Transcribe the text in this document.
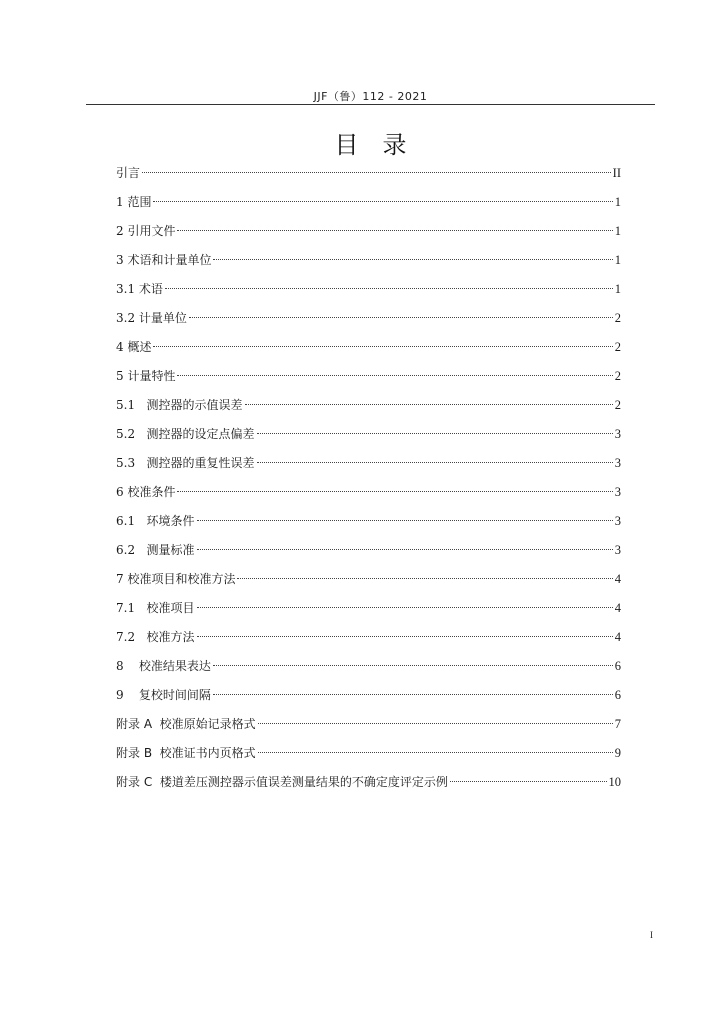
JJF（鲁）112 - 2021
目录
引言	II
1 范围	1
2 引用文件	1
3 术语和计量单位	1
3.1 术语	1
3.2 计量单位	2
4 概述	2
5 计量特性	2
5.1   测控器的示值误差	2
5.2   测控器的设定点偏差	3
5.3   测控器的重复性误差	3
6 校准条件	3
6.1   环境条件	3
6.2   测量标准	3
7 校准项目和校准方法	4
7.1   校准项目	4
7.2   校准方法	4
8    校准结果表达	6
9    复校时间间隔	6
附录 A  校准原始记录格式	7
附录 B  校准证书内页格式	9
附录 C  楼道差压测控器示值误差测量结果的不确定度评定示例	10
I
